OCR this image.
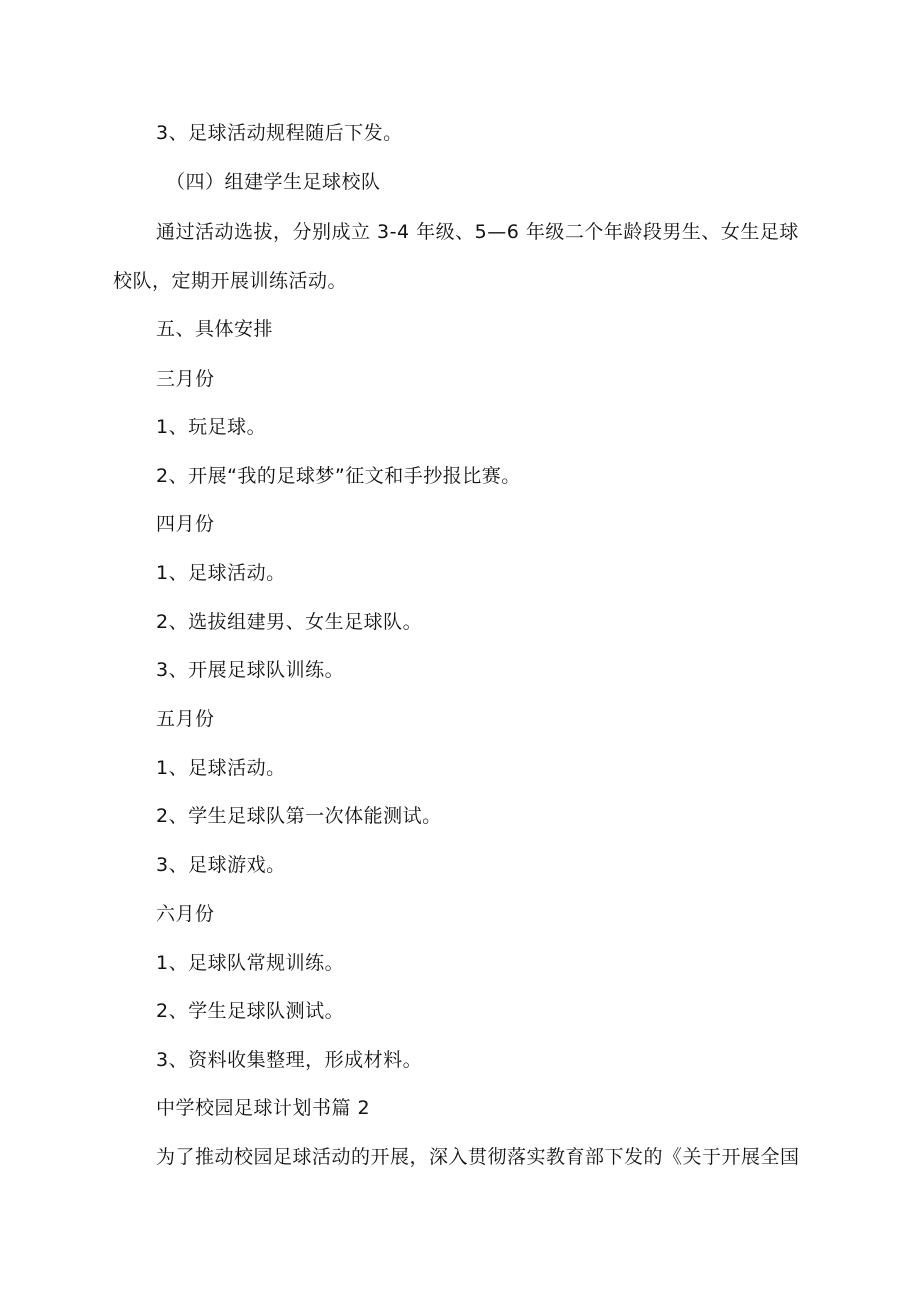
3、足球活动规程随后下发。
（四）组建学生足球校队
通过活动选拔，分别成立 3-4 年级、5—6 年级二个年龄段男生、女生足球
校队，定期开展训练活动。
五、具体安排
三月份
1、玩足球。
2、开展“我的足球梦”征文和手抄报比赛。
四月份
1、足球活动。
2、选拔组建男、女生足球队。
3、开展足球队训练。
五月份
1、足球活动。
2、学生足球队第一次体能测试。
3、足球游戏。
六月份
1、足球队常规训练。
2、学生足球队测试。
3、资料收集整理，形成材料。
中学校园足球计划书篇 2
为了推动校园足球活动的开展，深入贯彻落实教育部下发的《关于开展全国
